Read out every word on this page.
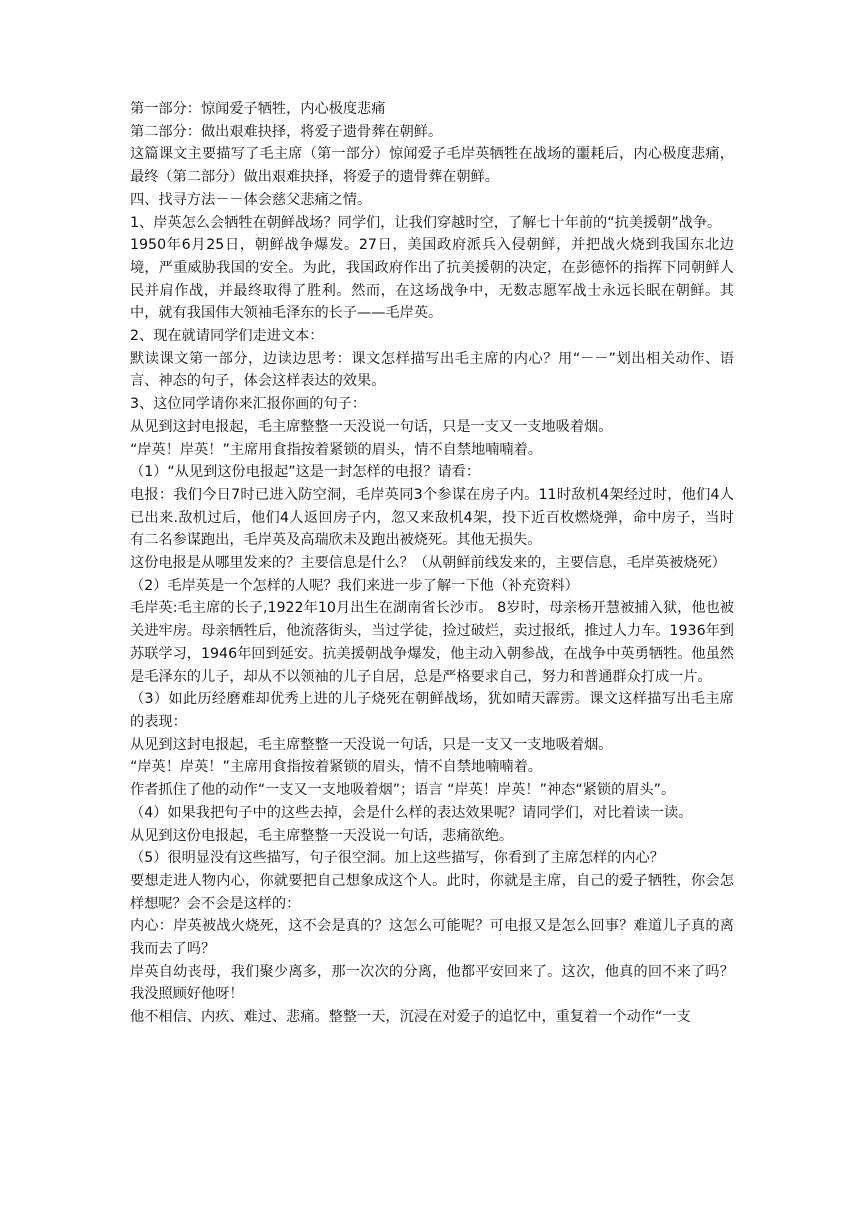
第一部分：惊闻爱子牺牲，内心极度悲痛

第二部分：做出艰难抉择，将爱子遗骨葬在朝鲜。

这篇课文主要描写了毛主席（第一部分）惊闻爱子毛岸英牺牲在战场的噩耗后，内心极度悲痛，最终（第二部分）做出艰难抉择，将爱子的遗骨葬在朝鲜。

四、找寻方法－－体会慈父悲痛之情。

1、岸英怎么会牺牲在朝鲜战场？同学们，让我们穿越时空，了解七十年前的“抗美援朝”战争。

1950年6月25日，朝鲜战争爆发。27日，美国政府派兵入侵朝鲜，并把战火烧到我国东北边境，严重威胁我国的安全。为此，我国政府作出了抗美援朝的决定，在彭德怀的指挥下同朝鲜人民并肩作战，并最终取得了胜利。然而，在这场战争中，无数志愿军战士永远长眠在朝鲜。其中，就有我国伟大领袖毛泽东的长子——毛岸英。

2、现在就请同学们走进文本：

默读课文第一部分，边读边思考：课文怎样描写出毛主席的内心？用“－－”划出相关动作、语言、神态的句子，体会这样表达的效果。

3、这位同学请你来汇报你画的句子：

从见到这封电报起，毛主席整整一天没说一句话，只是一支又一支地吸着烟。

“岸英！岸英！”主席用食指按着紧锁的眉头，情不自禁地喃喃着。

（1）“从见到这份电报起”这是一封怎样的电报？请看：

电报：我们今日7时已进入防空洞，毛岸英同3个参谋在房子内。11时敌机4架经过时，他们4人已出来.敌机过后，他们4人返回房子内，忽又来敌机4架，投下近百枚燃烧弹，命中房子，当时有二名参谋跑出，毛岸英及高瑞欣未及跑出被烧死。其他无损失。

这份电报是从哪里发来的？主要信息是什么？（从朝鲜前线发来的，主要信息，毛岸英被烧死）

（2）毛岸英是一个怎样的人呢？我们来进一步了解一下他（补充资料）

毛岸英:毛主席的长子,1922年10月出生在湖南省长沙市。 8岁时，母亲杨开慧被捕入狱，他也被关进牢房。母亲牺牲后，他流落街头，当过学徒，捡过破烂，卖过报纸，推过人力车。1936年到苏联学习，1946年回到延安。抗美援朝战争爆发，他主动入朝参战，在战争中英勇牺牲。他虽然是毛泽东的儿子，却从不以领袖的儿子自居，总是严格要求自己，努力和普通群众打成一片。

（3）如此历经磨难却优秀上进的儿子烧死在朝鲜战场，犹如晴天霹雳。课文这样描写出毛主席的表现：

从见到这封电报起，毛主席整整一天没说一句话，只是一支又一支地吸着烟。

“岸英！岸英！”主席用食指按着紧锁的眉头，情不自禁地喃喃着。

作者抓住了他的动作“一支又一支地吸着烟”；语言 “岸英！岸英！”神态“紧锁的眉头”。

（4）如果我把句子中的这些去掉，会是什么样的表达效果呢？请同学们，对比着读一读。

从见到这份电报起，毛主席整整一天没说一句话，悲痛欲绝。

（5）很明显没有这些描写，句子很空洞。加上这些描写，你看到了主席怎样的内心？

要想走进人物内心，你就要把自己想象成这个人。此时，你就是主席，自己的爱子牺牲，你会怎样想呢？会不会是这样的：

内心：岸英被战火烧死，这不会是真的？这怎么可能呢？可电报又是怎么回事？难道儿子真的离我而去了吗？

岸英自幼丧母，我们聚少离多，那一次次的分离，他都平安回来了。这次，他真的回不来了吗？我没照顾好他呀！

他不相信、内疚、难过、悲痛。整整一天，沉浸在对爱子的追忆中，重复着一个动作“一支
